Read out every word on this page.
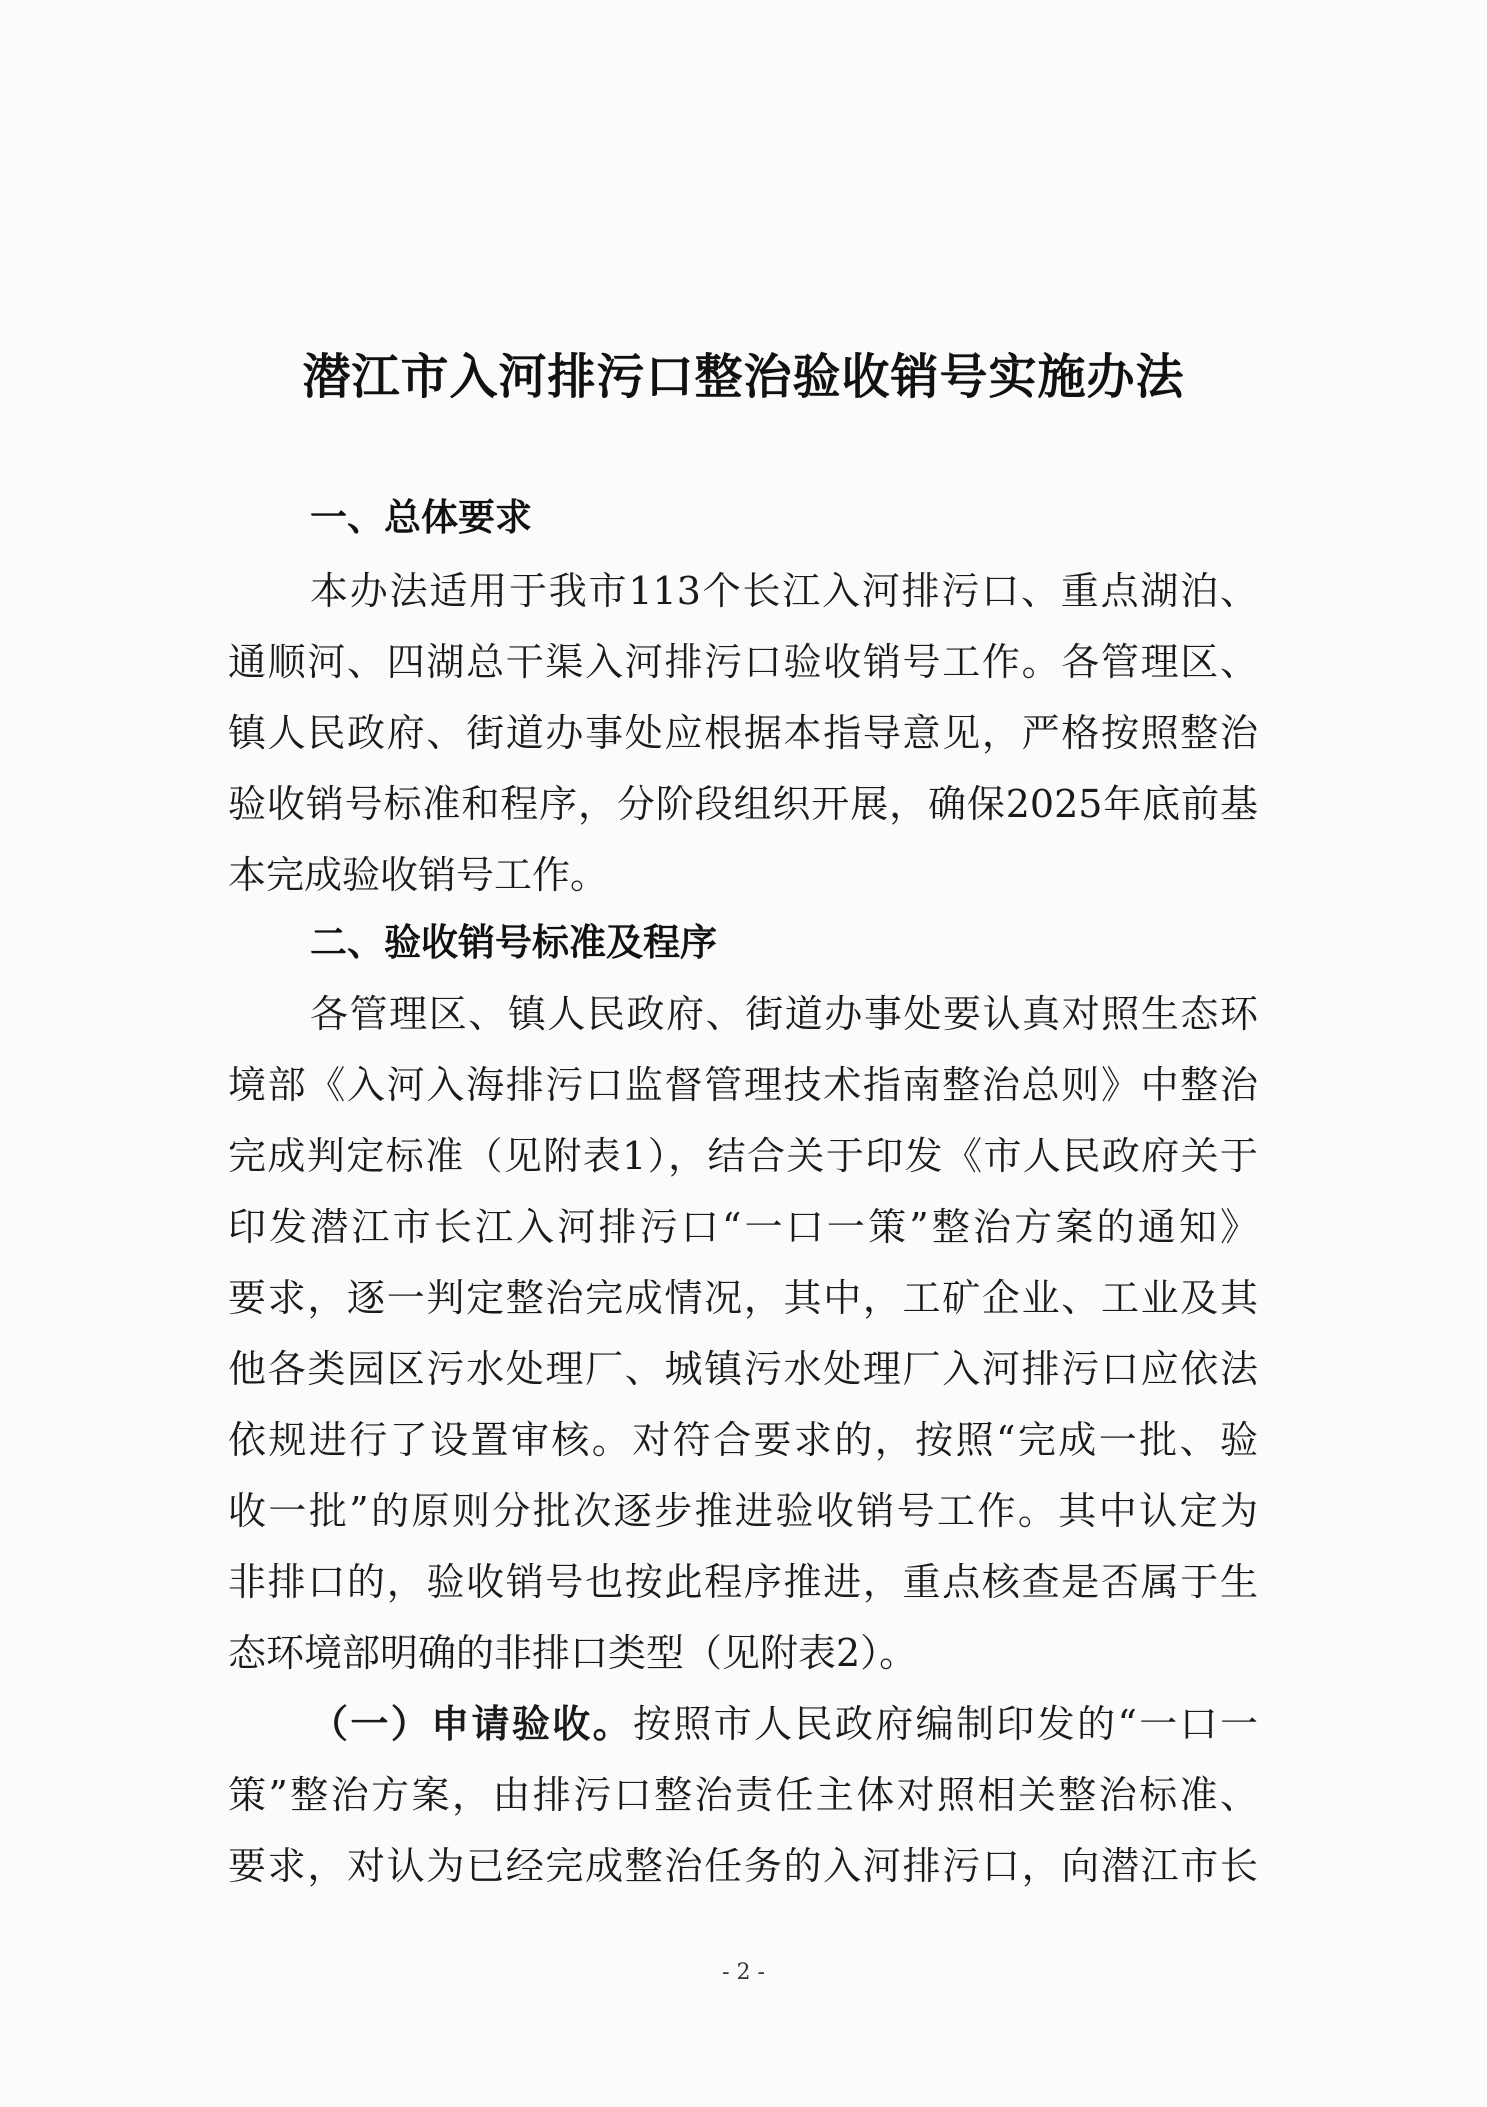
潜江市入河排污口整治验收销号实施办法
一、总体要求
本办法适用于我市113个长江入河排污口、重点湖泊、
通顺河、四湖总干渠入河排污口验收销号工作。各管理区、
镇人民政府、街道办事处应根据本指导意见，严格按照整治
验收销号标准和程序，分阶段组织开展，确保2025年底前基
本完成验收销号工作。
二、验收销号标准及程序
各管理区、镇人民政府、街道办事处要认真对照生态环
境部《入河入海排污口监督管理技术指南整治总则》中整治
完成判定标准（见附表1），结合关于印发《市人民政府关于
印发潜江市长江入河排污口“一口一策”整治方案的通知》
要求，逐一判定整治完成情况，其中，工矿企业、工业及其
他各类园区污水处理厂、城镇污水处理厂入河排污口应依法
依规进行了设置审核。对符合要求的，按照“完成一批、验
收一批”的原则分批次逐步推进验收销号工作。其中认定为
非排口的，验收销号也按此程序推进，重点核查是否属于生
态环境部明确的非排口类型（见附表2）。
（一）申请验收。按照市人民政府编制印发的“一口一
策”整治方案，由排污口整治责任主体对照相关整治标准、
要求，对认为已经完成整治任务的入河排污口，向潜江市长
- 2 -
